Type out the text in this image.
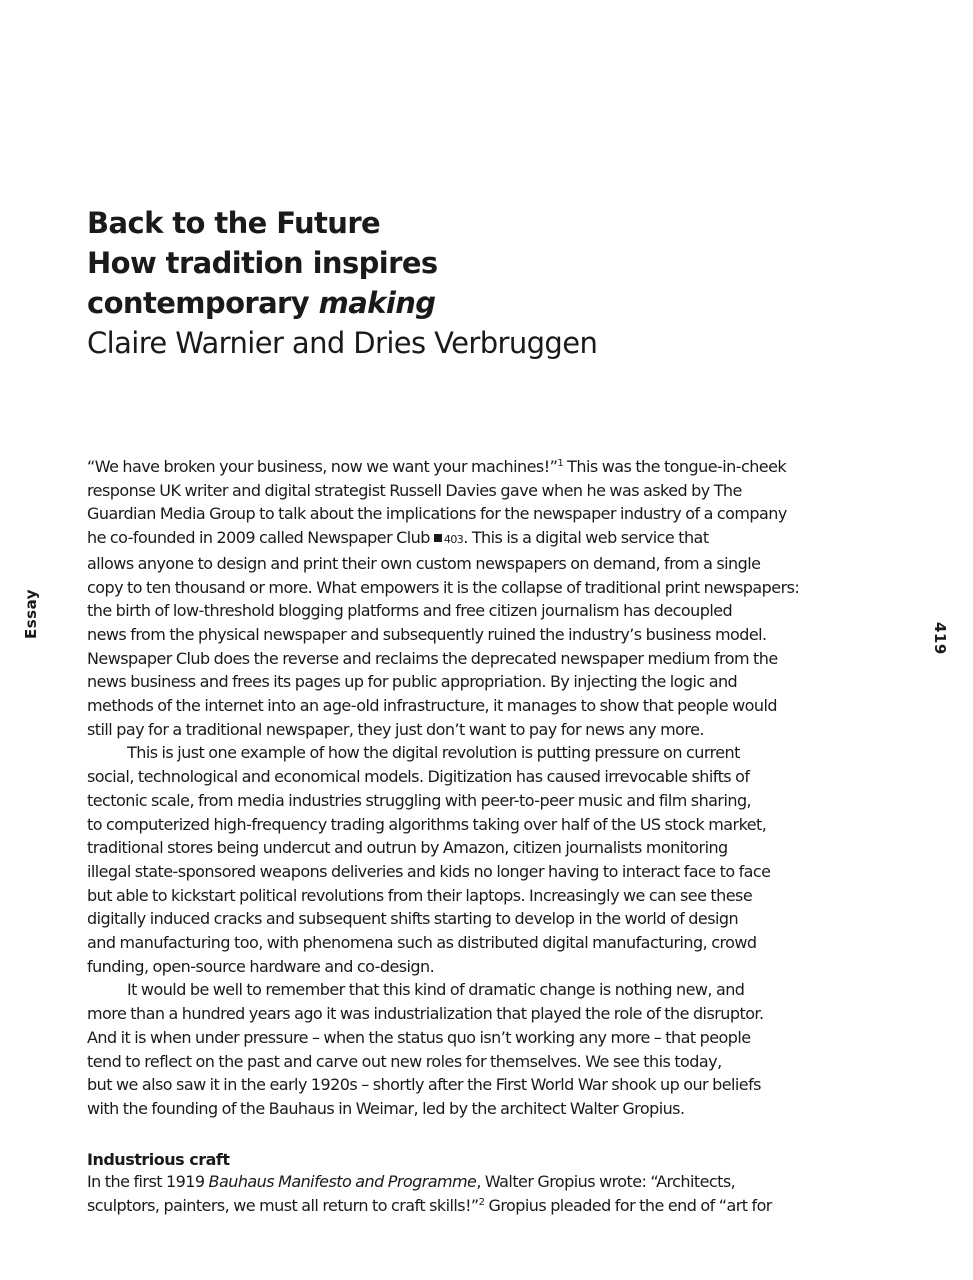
Essay	419
Back to the Future
How tradition inspires
contemporary making
Claire Warnier and Dries Verbruggen
“We have broken your business, now we want your machines!”$^1$ This was the tongue-in-cheek
response UK writer and digital strategist Russell Davies gave when he was asked by The
Guardian Media Group to talk about the implications for the newspaper industry of a company
he co-founded in 2009 called Newspaper Club 403. This is a digital web service that
allows anyone to design and print their own custom newspapers on demand, from a single
copy to ten thousand or more. What empowers it is the collapse of traditional print newspapers:
the birth of low-threshold blogging platforms and free citizen journalism has decoupled
news from the physical newspaper and subsequently ruined the industry’s business model.
Newspaper Club does the reverse and reclaims the deprecated newspaper medium from the
news business and frees its pages up for public appropriation. By injecting the logic and
methods of the internet into an age-old infrastructure, it manages to show that people would
still pay for a traditional newspaper, they just don’t want to pay for news any more.
This is just one example of how the digital revolution is putting pressure on current
social, technological and economical models. Digitization has caused irrevocable shifts of
tectonic scale, from media industries struggling with peer-to-peer music and film sharing,
to computerized high-frequency trading algorithms taking over half of the US stock market,
traditional stores being undercut and outrun by Amazon, citizen journalists monitoring
illegal state-sponsored weapons deliveries and kids no longer having to interact face to face
but able to kickstart political revolutions from their laptops. Increasingly we can see these
digitally induced cracks and subsequent shifts starting to develop in the world of design
and manufacturing too, with phenomena such as distributed digital manufacturing, crowd
funding, open-source hardware and co-design.
It would be well to remember that this kind of dramatic change is nothing new, and
more than a hundred years ago it was industrialization that played the role of the disruptor.
And it is when under pressure – when the status quo isn’t working any more – that people
tend to reflect on the past and carve out new roles for themselves. We see this today,
but we also saw it in the early 1920s – shortly after the First World War shook up our beliefs
with the founding of the Bauhaus in Weimar, led by the architect Walter Gropius.
Industrious craft
In the first 1919 Bauhaus Manifesto and Programme, Walter Gropius wrote: “Architects,
sculptors, painters, we must all return to craft skills!”$^2$ Gropius pleaded for the end of “art for
